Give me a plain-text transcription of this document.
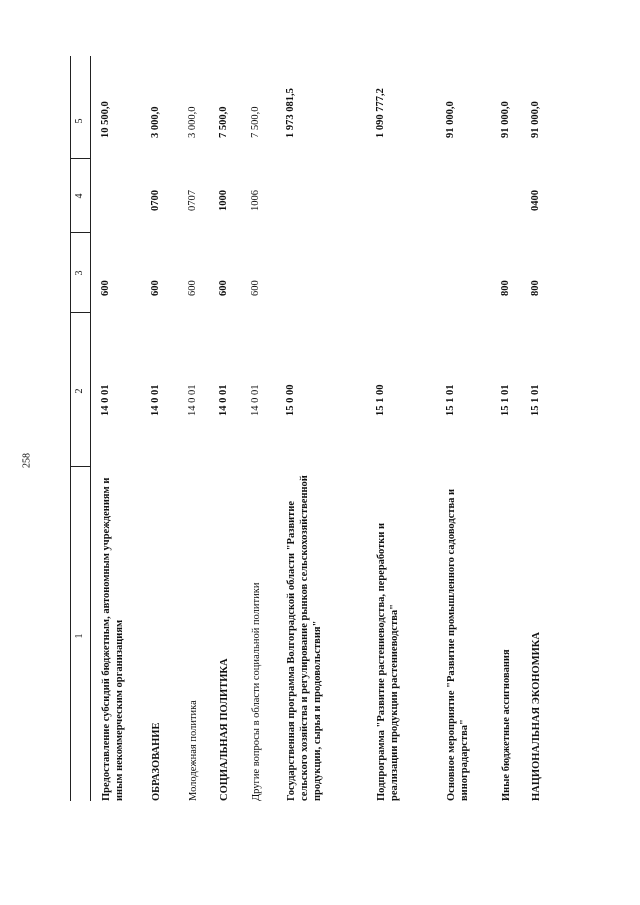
258
1
2
3
4
5
Предоставление субсидий бюджетным, автономным учреждениям и иным некоммерческим организациям
14 0 01
600
10 500,0
ОБРАЗОВАНИЕ
14 0 01
600
0700
3 000,0
Молодежная политика
14 0 01
600
0707
3 000,0
СОЦИАЛЬНАЯ ПОЛИТИКА
14 0 01
600
1000
7 500,0
Другие вопросы в области социальной политики
14 0 01
600
1006
7 500,0
Государственная программа Волгоградской области "Развитие сельского хозяйства и регулирование рынков сельскохозяйственной продукции, сырья и продовольствия"
15 0 00
1 973 081,5
Подпрограмма "Развитие растениеводства, переработки и реализации продукции растениеводства"
15 1 00
1 090 777,2
Основное мероприятие "Развитие промышленного садоводства и виноградарства"
15 1 01
91 000,0
Иные бюджетные ассигнования
15 1 01
800
91 000,0
НАЦИОНАЛЬНАЯ ЭКОНОМИКА
15 1 01
800
0400
91 000,0
